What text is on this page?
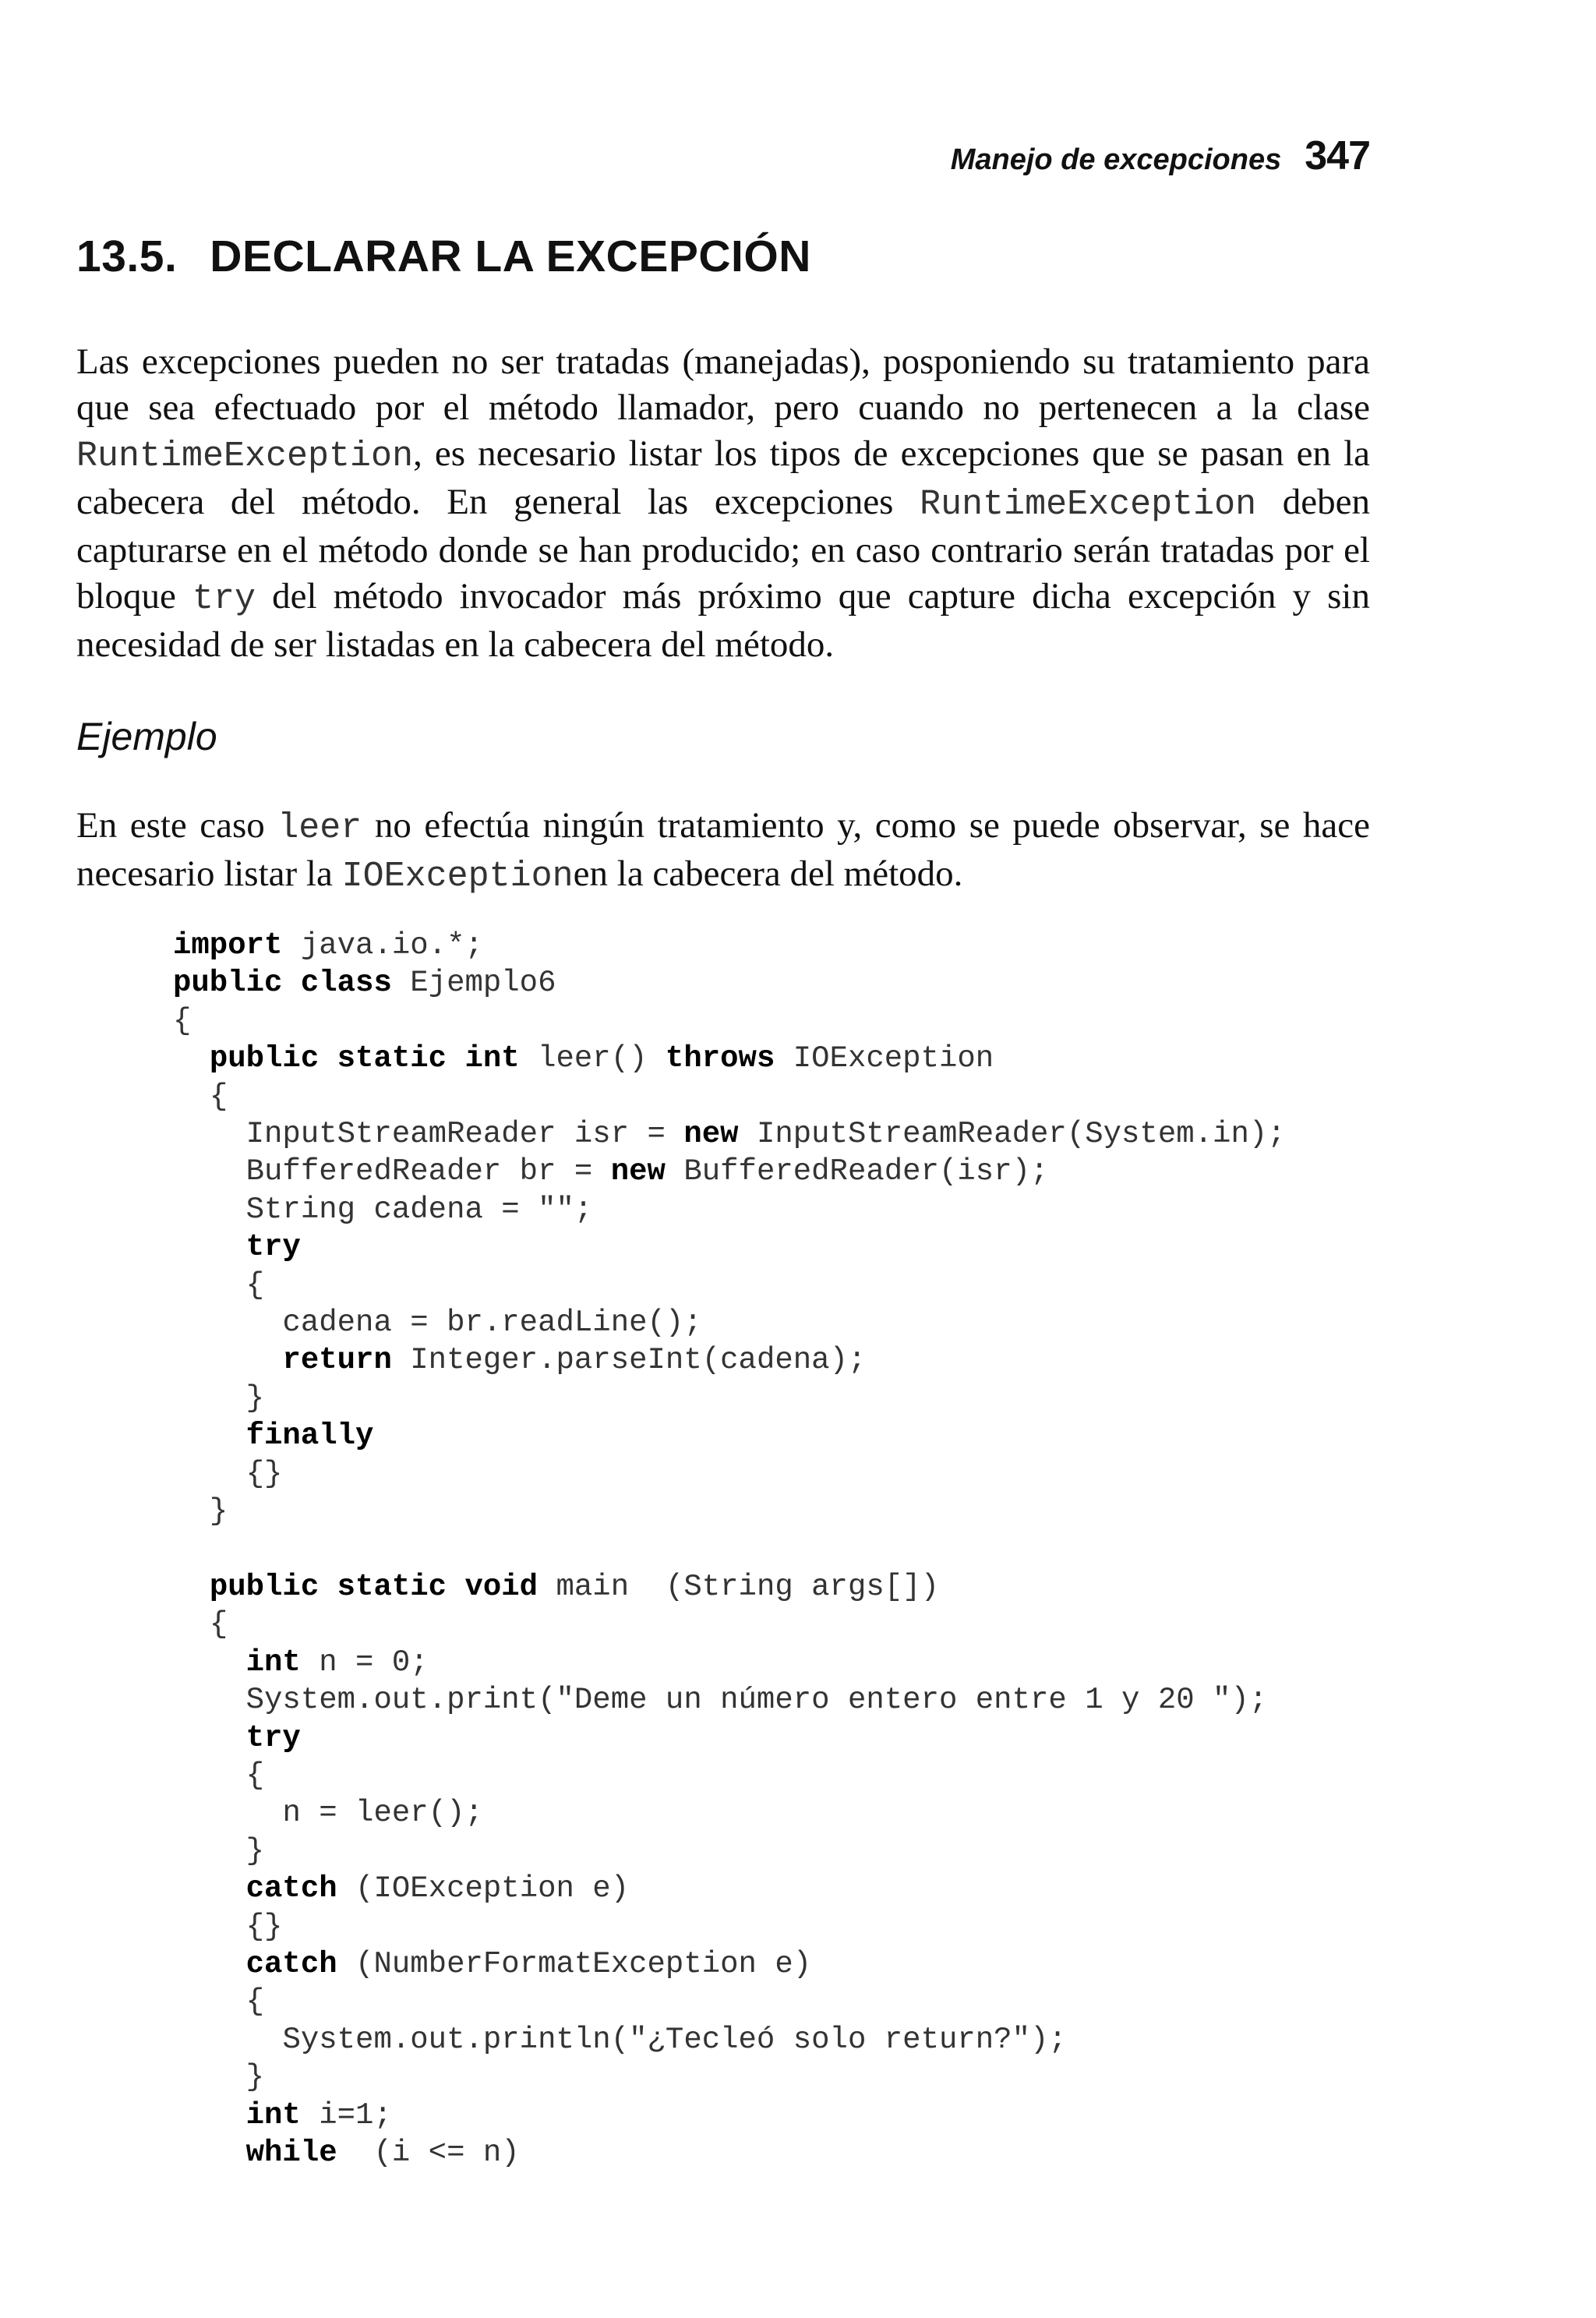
Manejo de excepciones 347
13.5. DECLARAR LA EXCEPCIÓN

Las excepciones pueden no ser tratadas (manejadas), posponiendo su tratamiento para que sea efectuado por el método llamador, pero cuando no pertenecen a la clase RuntimeException, es necesario listar los tipos de excepciones que se pasan en la cabecera del método. En general las excepciones RuntimeException deben capturarse en el método donde se han producido; en caso contrario serán tratadas por el bloque try del método invocador más próximo que capture dicha excepción y sin necesidad de ser listadas en la cabecera del método.

Ejemplo

En este caso leer no efectúa ningún tratamiento y, como se puede observar, se hace necesario listar la IOExceptionen la cabecera del método.

import java.io.*;
public class Ejemplo6
{
public static int leer() throws IOException
{
InputStreamReader isr = new InputStreamReader(System.in);
BufferedReader br = new BufferedReader(isr);
String cadena = "";
try
{
cadena = br.readLine();
return Integer.parseInt(cadena);
}
finally
{}
}

public static void main  (String args[])
{
int n = 0;
System.out.print("Deme un número entero entre 1 y 20 ");
try
{
n = leer();
}
catch (IOException e)
{}
catch (NumberFormatException e)
{
System.out.println("¿Tecleó solo return?");
}
int i=1;
while  (i <= n)
